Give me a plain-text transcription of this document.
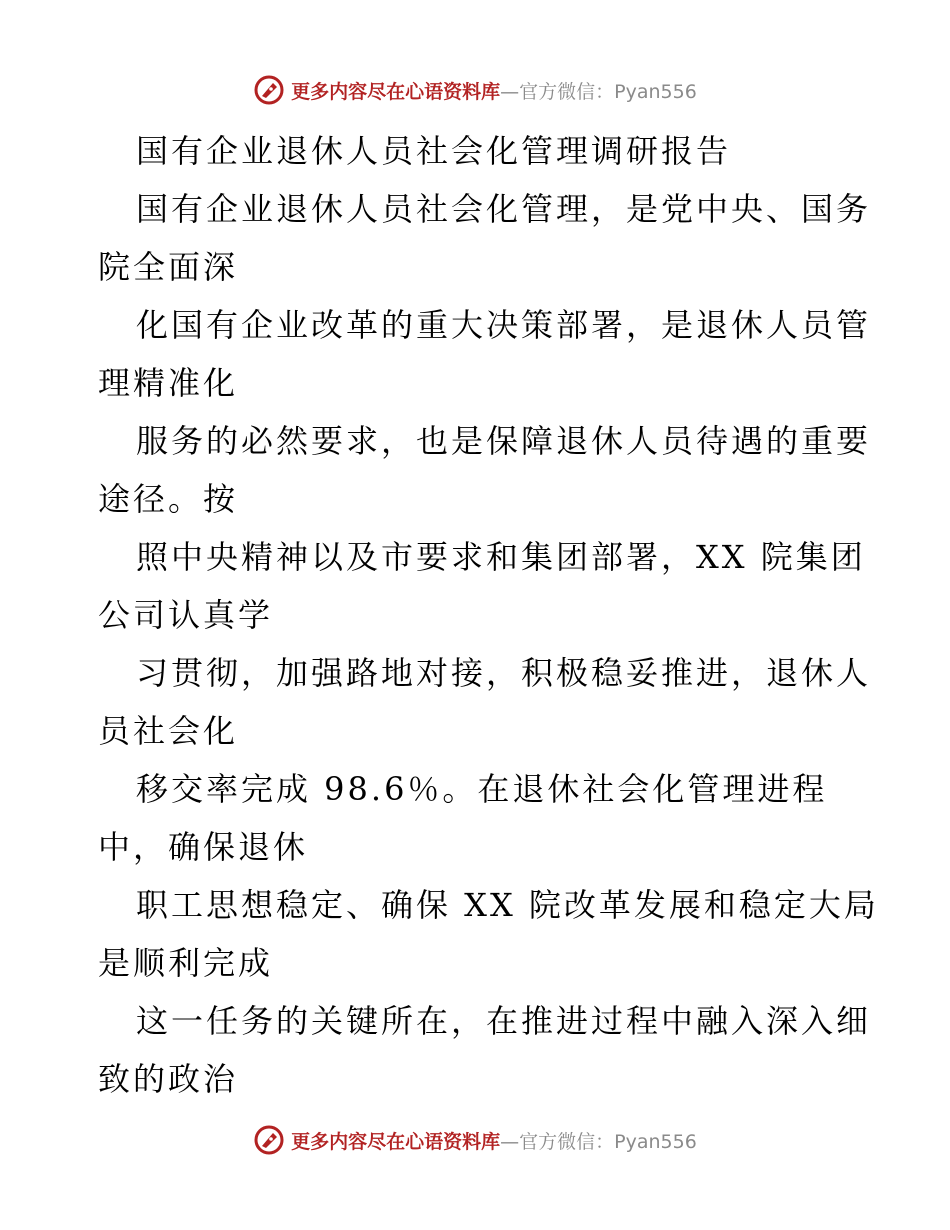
更多内容尽在心语资料库—官方微信：Pyan556

国有企业退休人员社会化管理调研报告

国有企业退休人员社会化管理，是党中央、国务

院全面深

化国有企业改革的重大决策部署，是退休人员管

理精准化

服务的必然要求，也是保障退休人员待遇的重要

途径。按

照中央精神以及市要求和集团部署，XX 院集团

公司认真学

习贯彻，加强路地对接，积极稳妥推进，退休人

员社会化

移交率完成 98.6％。在退休社会化管理进程

中，确保退休

职工思想稳定、确保 XX 院改革发展和稳定大局

是顺利完成

这一任务的关键所在，在推进过程中融入深入细

致的政治

更多内容尽在心语资料库—官方微信：Pyan556
